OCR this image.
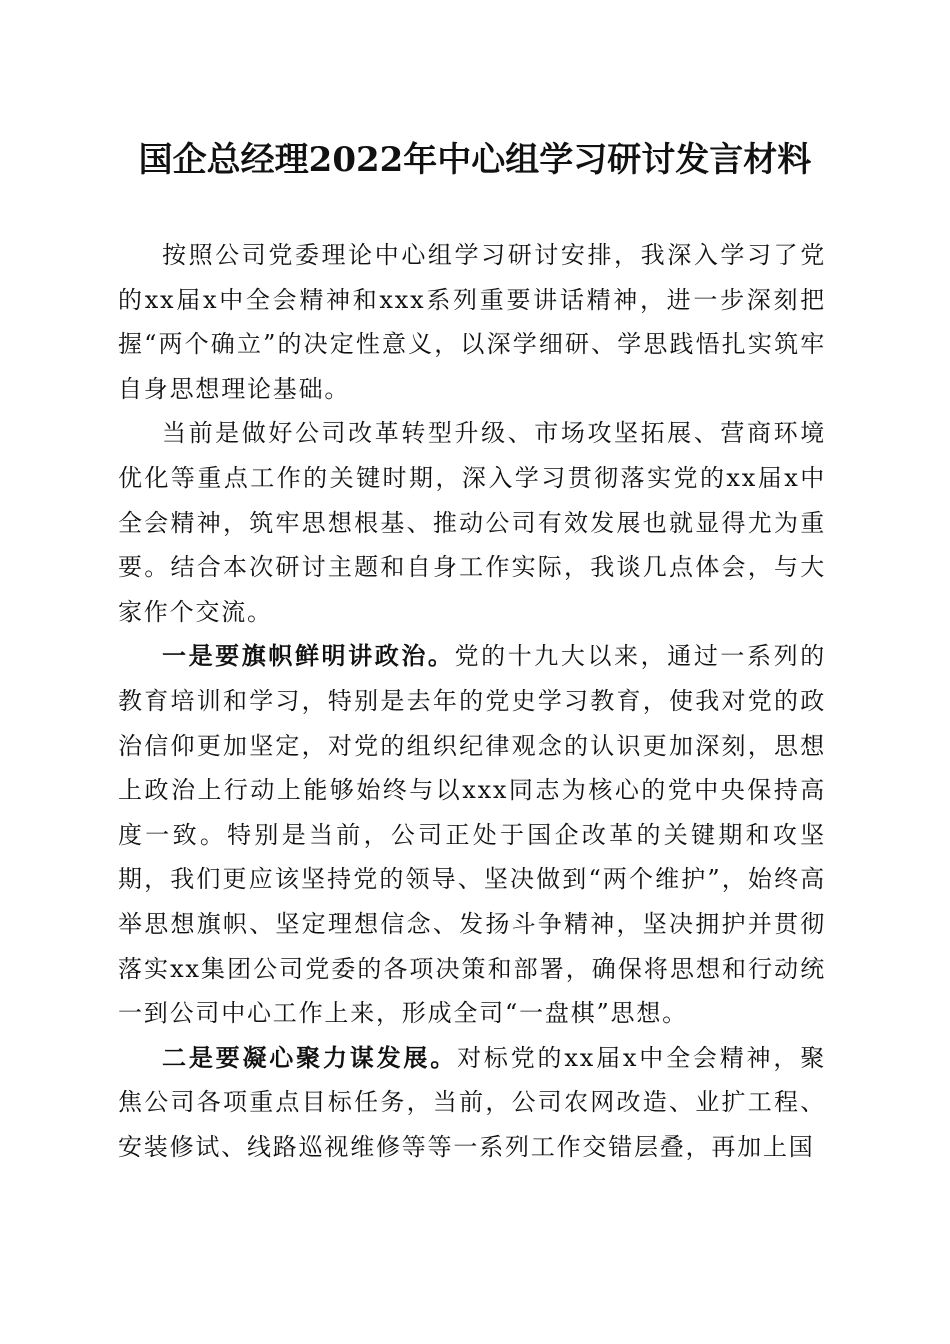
国企总经理2022年中心组学习研讨发言材料

按照公司党委理论中心组学习研讨安排，我深入学习了党的xx届x中全会精神和xxx系列重要讲话精神，进一步深刻把握“两个确立”的决定性意义，以深学细研、学思践悟扎实筑牢自身思想理论基础。

当前是做好公司改革转型升级、市场攻坚拓展、营商环境优化等重点工作的关键时期，深入学习贯彻落实党的xx届x中全会精神，筑牢思想根基、推动公司有效发展也就显得尤为重要。结合本次研讨主题和自身工作实际，我谈几点体会，与大家作个交流。

一是要旗帜鲜明讲政治。党的十九大以来，通过一系列的教育培训和学习，特别是去年的党史学习教育，使我对党的政治信仰更加坚定，对党的组织纪律观念的认识更加深刻，思想上政治上行动上能够始终与以xxx同志为核心的党中央保持高度一致。特别是当前，公司正处于国企改革的关键期和攻坚期，我们更应该坚持党的领导、坚决做到“两个维护”，始终高举思想旗帜、坚定理想信念、发扬斗争精神，坚决拥护并贯彻落实xx集团公司党委的各项决策和部署，确保将思想和行动统一到公司中心工作上来，形成全司“一盘棋”思想。

二是要凝心聚力谋发展。对标党的xx届x中全会精神，聚焦公司各项重点目标任务，当前，公司农网改造、业扩工程、安装修试、线路巡视维修等等一系列工作交错层叠，再加上国
